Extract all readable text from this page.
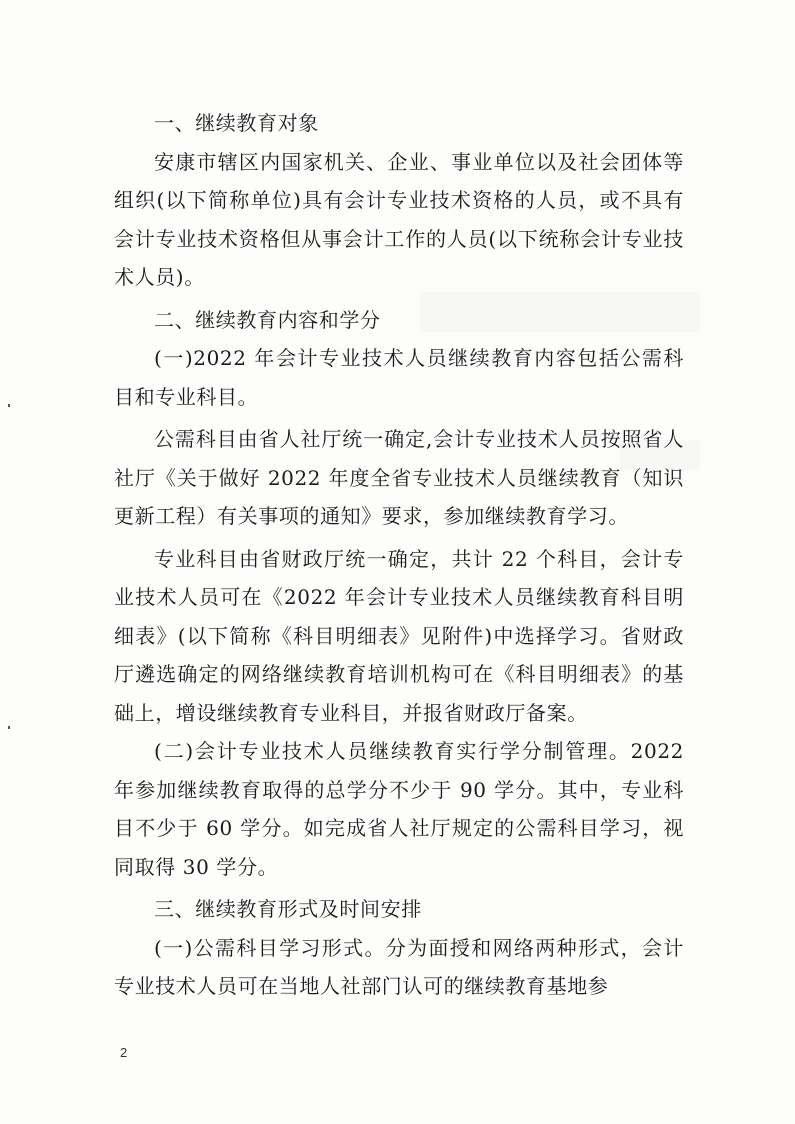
一、继续教育对象

安康市辖区内国家机关、企业、事业单位以及社会团体等组织(以下简称单位)具有会计专业技术资格的人员，或不具有会计专业技术资格但从事会计工作的人员(以下统称会计专业技术人员)。

二、继续教育内容和学分

(一)2022 年会计专业技术人员继续教育内容包括公需科目和专业科目。

公需科目由省人社厅统一确定,会计专业技术人员按照省人社厅《关于做好 2022 年度全省专业技术人员继续教育（知识更新工程）有关事项的通知》要求，参加继续教育学习。

专业科目由省财政厅统一确定，共计 22 个科目，会计专业技术人员可在《2022 年会计专业技术人员继续教育科目明细表》(以下简称《科目明细表》见附件)中选择学习。省财政厅遴选确定的网络继续教育培训机构可在《科目明细表》的基础上，增设继续教育专业科目，并报省财政厅备案。

(二)会计专业技术人员继续教育实行学分制管理。2022 年参加继续教育取得的总学分不少于 90 学分。其中，专业科目不少于 60 学分。如完成省人社厅规定的公需科目学习，视同取得 30 学分。

三、继续教育形式及时间安排

(一)公需科目学习形式。分为面授和网络两种形式，会计专业技术人员可在当地人社部门认可的继续教育基地参

2
